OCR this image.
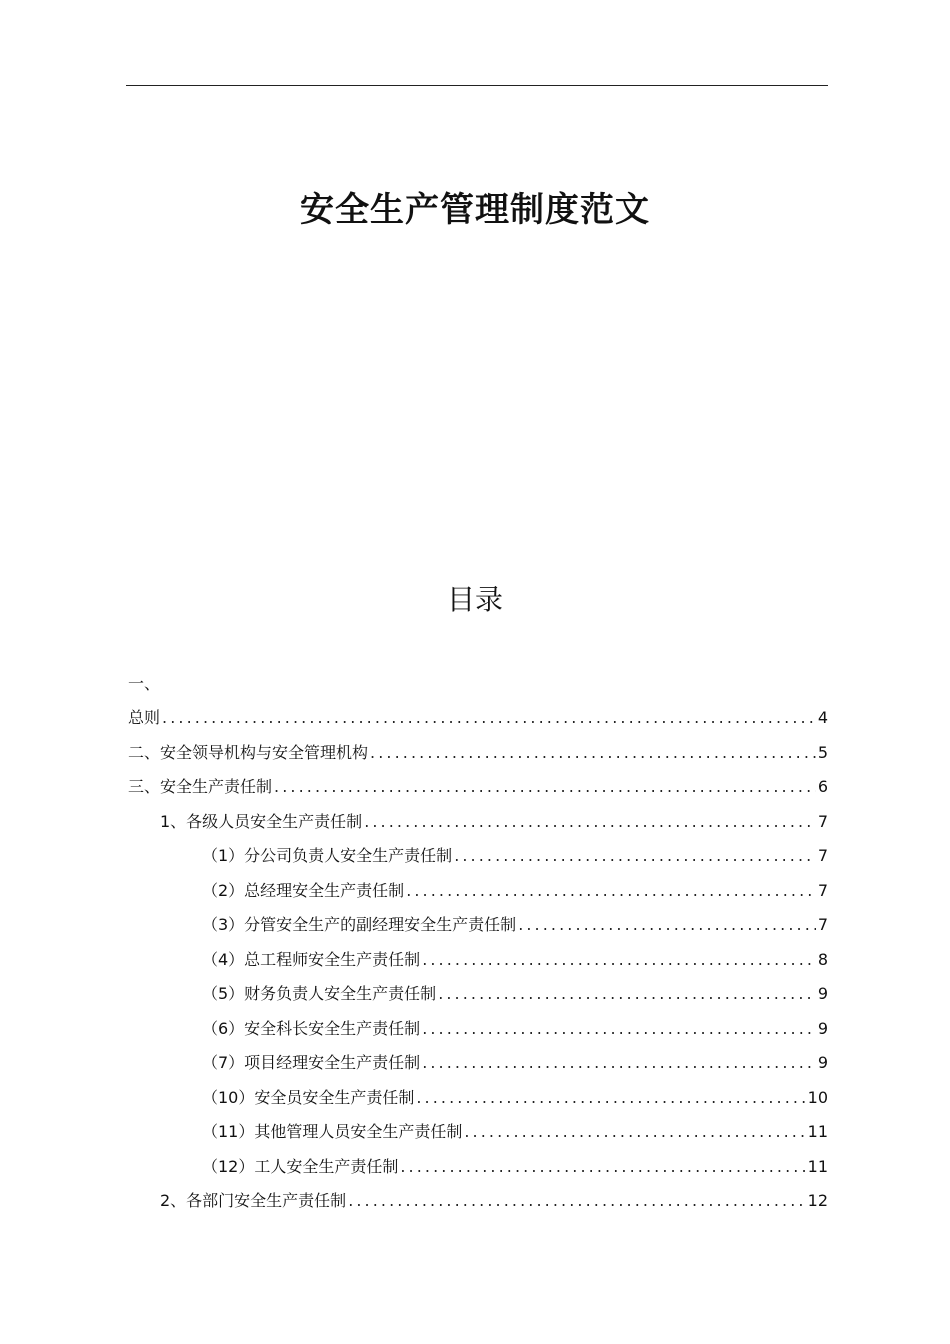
安全生产管理制度范文
目录
一、
总则 .....	4
二、安全领导机构与安全管理机构 .....	5
三、安全生产责任制 .....	6
1、各级人员安全生产责任制 .....	7
（1）分公司负责人安全生产责任制 .....	7
（2）总经理安全生产责任制 .....	7
（3）分管安全生产的副经理安全生产责任制 .....	7
（4）总工程师安全生产责任制 .....	8
（5）财务负责人安全生产责任制 .....	9
（6）安全科长安全生产责任制 .....	9
（7）项目经理安全生产责任制 .....	9
（10）安全员安全生产责任制 .....	10
（11）其他管理人员安全生产责任制 .....	11
（12）工人安全生产责任制 .....	11
2、各部门安全生产责任制 .....	12
